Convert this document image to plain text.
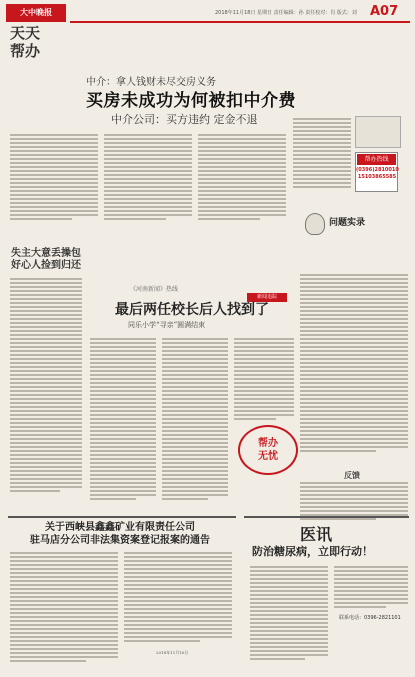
大中晚报
天天
帮办
2018年11月18日 星期日 责任编辑：孙 责任校对：肖 版式：刘 A07
中介：拿人钱财未尽交房义务
买房未成功为何被扣中介费
中介公司：买方违约 定金不退
帮办热线
(0396)2810010
15103865585
问题实录
失主大意丢操包 好心人捡到归还
《河南新闻》热线
新闻追踪
最后两任校长后人找到了
同乐小学“寻亲”圆满结束
帮办
无忧
反馈
关于西峡县鑫鑫矿业有限责任公司
驻马店分公司非法集资案登记报案的通告
2018年11月16日
医讯
防治糖尿病，立即行动！
联系电话：0396-2821101
